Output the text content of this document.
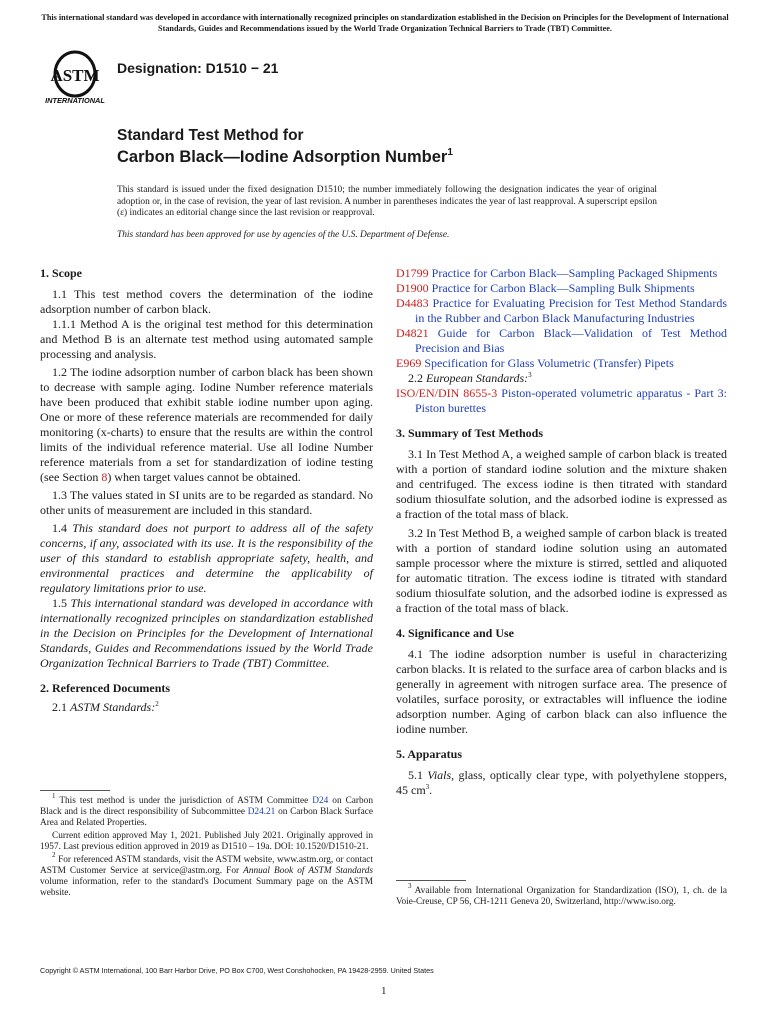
This international standard was developed in accordance with internationally recognized principles on standardization established in the Decision on Principles for the Development of International Standards, Guides and Recommendations issued by the World Trade Organization Technical Barriers to Trade (TBT) Committee.
ASTM
INTERNATIONAL
Designation: D1510 − 21
Standard Test Method for
Carbon Black—Iodine Adsorption Number$^1$
This standard is issued under the fixed designation D1510; the number immediately following the designation indicates the year of original adoption or, in the case of revision, the year of last revision. A number in parentheses indicates the year of last reapproval. A superscript epsilon (ε) indicates an editorial change since the last revision or reapproval.
This standard has been approved for use by agencies of the U.S. Department of Defense.

1. Scope

1.1 This test method covers the determination of the iodine adsorption number of carbon black.

1.1.1 Method A is the original test method for this determination and Method B is an alternate test method using automated sample processing and analysis.

1.2 The iodine adsorption number of carbon black has been shown to decrease with sample aging. Iodine Number reference materials have been produced that exhibit stable iodine number upon aging. One or more of these reference materials are recommended for daily monitoring (x-charts) to ensure that the results are within the control limits of the individual reference material. Use all Iodine Number reference materials from a set for standardization of iodine testing (see Section 8) when target values cannot be obtained.

1.3 The values stated in SI units are to be regarded as standard. No other units of measurement are included in this standard.

1.4 This standard does not purport to address all of the safety concerns, if any, associated with its use. It is the responsibility of the user of this standard to establish appropriate safety, health, and environmental practices and determine the applicability of regulatory limitations prior to use.

1.5 This international standard was developed in accordance with internationally recognized principles on standardization established in the Decision on Principles for the Development of International Standards, Guides and Recommendations issued by the World Trade Organization Technical Barriers to Trade (TBT) Committee.

2. Referenced Documents

2.1 ASTM Standards:$^2$

$^1$ This test method is under the jurisdiction of ASTM Committee D24 on Carbon Black and is the direct responsibility of Subcommittee D24.21 on Carbon Black Surface Area and Related Properties.
Current edition approved May 1, 2021. Published July 2021. Originally approved in 1957. Last previous edition approved in 2019 as D1510 – 19a. DOI: 10.1520/D1510-21.
$^2$ For referenced ASTM standards, visit the ASTM website, www.astm.org, or contact ASTM Customer Service at service@astm.org. For Annual Book of ASTM Standards volume information, refer to the standard's Document Summary page on the ASTM website.
D1799 Practice for Carbon Black—Sampling Packaged Shipments
D1900 Practice for Carbon Black—Sampling Bulk Shipments
D4483 Practice for Evaluating Precision for Test Method Standards in the Rubber and Carbon Black Manufacturing Industries
D4821 Guide for Carbon Black—Validation of Test Method Precision and Bias
E969 Specification for Glass Volumetric (Transfer) Pipets

2.2 European Standards:$^3$

ISO/EN/DIN 8655-3 Piston-operated volumetric apparatus - Part 3: Piston burettes

3. Summary of Test Methods

3.1 In Test Method A, a weighed sample of carbon black is treated with a portion of standard iodine solution and the mixture shaken and centrifuged. The excess iodine is then titrated with standard sodium thiosulfate solution, and the adsorbed iodine is expressed as a fraction of the total mass of black.

3.2 In Test Method B, a weighed sample of carbon black is treated with a portion of standard iodine solution using an automated sample processor where the mixture is stirred, settled and aliquoted for automatic titration. The excess iodine is titrated with standard sodium thiosulfate solution, and the adsorbed iodine is expressed as a fraction of the total mass of black.

4. Significance and Use

4.1 The iodine adsorption number is useful in characterizing carbon blacks. It is related to the surface area of carbon blacks and is generally in agreement with nitrogen surface area. The presence of volatiles, surface porosity, or extractables will influence the iodine adsorption number. Aging of carbon black can also influence the iodine number.

5. Apparatus

5.1 Vials, glass, optically clear type, with polyethylene stoppers, 45 $cm^3$.

$^3$ Available from International Organization for Standardization (ISO), 1, ch. de la Voie-Creuse, CP 56, CH-1211 Geneva 20, Switzerland, http://www.iso.org.
Copyright © ASTM International, 100 Barr Harbor Drive, PO Box C700, West Conshohocken, PA 19428-2959. United States
1
